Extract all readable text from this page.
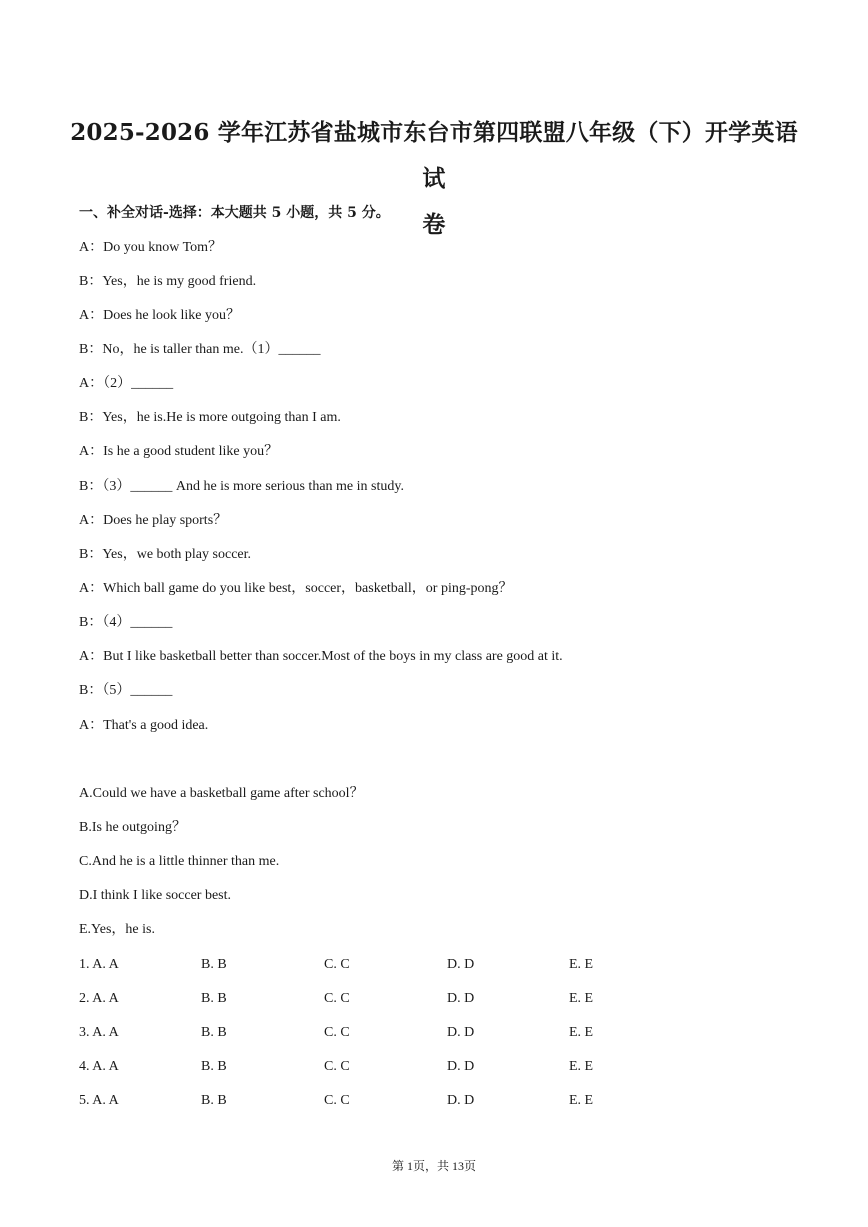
2025-2026 学年江苏省盐城市东台市第四联盟八年级（下）开学英语试
卷
一、补全对话-选择：本大题共 5 小题，共 5 分。
A：Do you know Tom？
B：Yes，he is my good friend.
A：Does he look like you？
B：No，he is taller than me.（1）______
A：（2）______
B：Yes，he is.He is more outgoing than I am.
A：Is he a good student like you？
B：（3）______ And he is more serious than me in study.
A：Does he play sports？
B：Yes，we both play soccer.
A：Which ball game do you like best，soccer，basketball，or ping-pong？
B：（4）______
A：But I like basketball better than soccer.Most of the boys in my class are good at it.
B：（5）______
A：That's a good idea.
A.Could we have a basketball game after school？
B.Is he outgoing？
C.And he is a little thinner than me.
D.I think I like soccer best.
E.Yes，he is.
1. A. A	B. B	C. C	D. D	E. E
2. A. A	B. B	C. C	D. D	E. E
3. A. A	B. B	C. C	D. D	E. E
4. A. A	B. B	C. C	D. D	E. E
5. A. A	B. B	C. C	D. D	E. E
第 1页，共 13页
